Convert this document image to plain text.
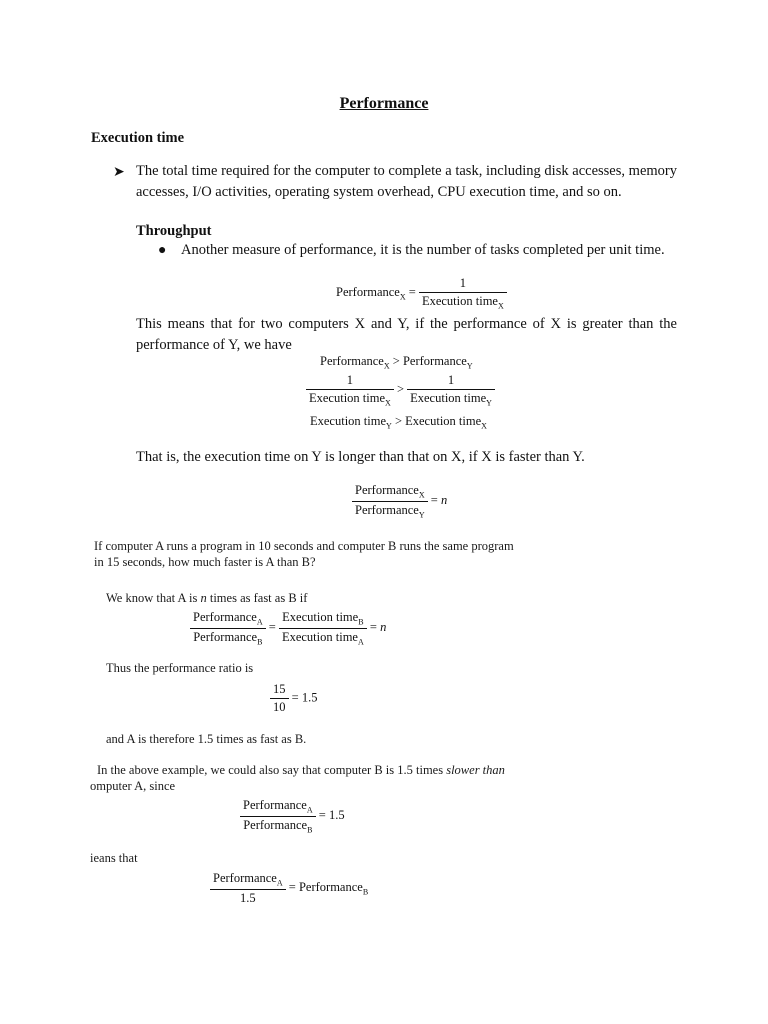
Performance
Execution time
➤ The total time required for the computer to complete a task, including disk accesses, memory accesses, I/O activities, operating system overhead, CPU execution time, and so on.
Throughput
● Another measure of performance, it is the number of tasks completed per unit time.
Performance$_X$ = $\frac{1}{Execution time_X}$
This means that for two computers X and Y, if the performance of X is greater than the performance of Y, we have
Performance$_X$ > Performance$_Y$
$\frac{1}{Execution time_X} > \frac{1}{Execution time_Y}$
Execution time$_Y$ > Execution time$_X$
That is, the execution time on Y is longer than that on X, if X is faster than Y.
$\frac{Performance_X}{Performance_Y} = n$
If computer A runs a program in 10 seconds and computer B runs the same program in 15 seconds, how much faster is A than B?
We know that A is n times as fast as B if
$\frac{Performance_A}{Performance_B} = \frac{Execution time_B}{Execution time_A} = n$
Thus the performance ratio is
$\frac{15}{10} = 1.5$
and A is therefore 1.5 times as fast as B.
In the above example, we could also say that computer B is 1.5 times slower than
omputer A, since
$\frac{Performance_A}{Performance_B} = 1.5$
ieans that
$\frac{Performance_A}{1.5}$ = Performance$_B$
